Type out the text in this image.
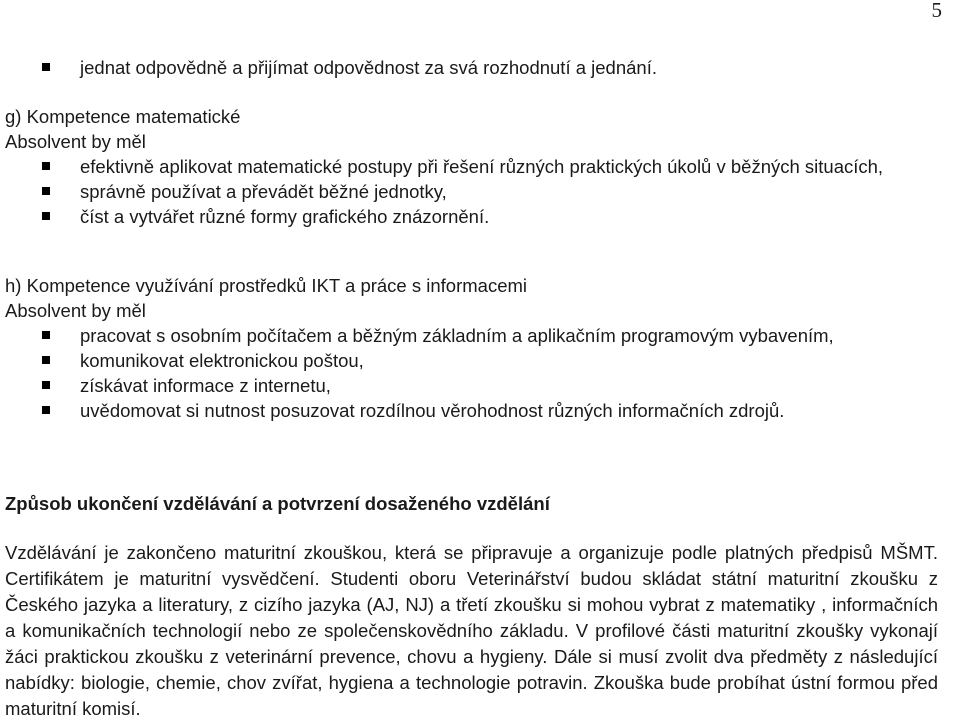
5
jednat odpovědně a přijímat odpovědnost za svá rozhodnutí a jednání.
g) Kompetence matematické
Absolvent by měl
efektivně aplikovat matematické postupy při řešení různých praktických úkolů v běžných situacích,
správně používat a převádět běžné jednotky,
číst a vytvářet různé formy grafického znázornění.
h) Kompetence využívání prostředků IKT a práce s informacemi
Absolvent by měl
pracovat s osobním počítačem a běžným základním a aplikačním programovým vybavením,
komunikovat elektronickou poštou,
získávat informace z internetu,
uvědomovat si nutnost posuzovat rozdílnou věrohodnost různých informačních zdrojů.
Způsob ukončení vzdělávání a potvrzení dosaženého vzdělání

Vzdělávání je zakončeno maturitní zkouškou, která se připravuje a organizuje podle platných předpisů MŠMT. Certifikátem je maturitní vysvědčení. Studenti oboru Veterinářství budou skládat státní maturitní zkoušku z Českého jazyka a literatury, z cizího jazyka (AJ, NJ) a třetí zkoušku si mohou vybrat z matematiky , informačních a komunikačních technologií nebo ze společenskovědního základu. V profilové části maturitní zkoušky vykonají žáci praktickou zkoušku z veterinární prevence, chovu a hygieny. Dále si musí zvolit dva předměty z následující nabídky: biologie, chemie, chov zvířat, hygiena a technologie potravin. Zkouška bude probíhat ústní formou před maturitní komisí.
